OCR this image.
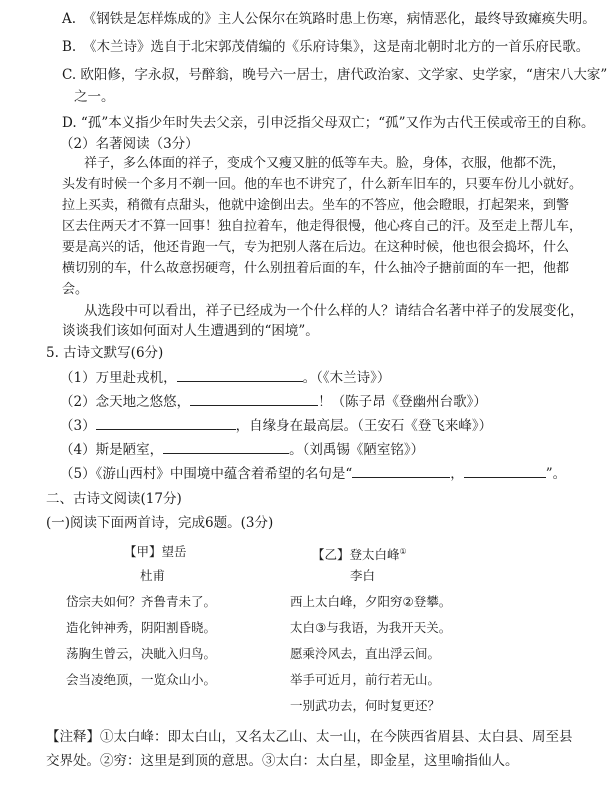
A.　《钢铁是怎样炼成的》主人公保尔在筑路时患上伤寒，病情恶化，最终导致瘫痪失明。
B.　《木兰诗》选自于北宋郭茂倩编的《乐府诗集》，这是南北朝时北方的一首乐府民歌。
C. 欧阳修，字永叔，号醉翁，晚号六一居士，唐代政治家、文学家、史学家，“唐宋八大家”
之一。
D. “孤”本义指少年时失去父亲，引申泛指父母双亡；“孤”又作为古代王侯或帝王的自称。
（2）名著阅读（3分）
祥子，多么体面的祥子，变成个又瘦又脏的低等车夫。脸，身体，衣服，他都不洗，
头发有时候一个多月不剃一回。他的车也不讲究了，什么新车旧车的，只要车份儿小就好。
拉上买卖，稍微有点甜头，他就中途倒出去。坐车的不答应，他会瞪眼，打起架来，到警
区去住两天才不算一回事！独自拉着车，他走得很慢，他心疼自己的汗。及至走上帮儿车，
要是高兴的话，他还肯跑一气，专为把别人落在后边。在这种时候，他也很会捣坏，什么
横切别的车，什么故意拐硬弯，什么别扭着后面的车，什么抽冷子搪前面的车一把，他都
会。
从选段中可以看出，祥子已经成为一个什么样的人？请结合名著中祥子的发展变化，
谈谈我们该如何面对人生遭遇到的“困境”。
5. 古诗文默写(6分)
（1）万里赴戎机，	。（《木兰诗》）
（2）念天地之悠悠，	！（陈子昂《登幽州台歌》）
（3）	，自缘身在最高层。（王安石《登飞来峰》）
（4）斯是陋室，	。（刘禹锡《陋室铭》）
（5）《游山西村》中围境中蕴含着希望的名句是“	，	”。
二、古诗文阅读(17分)
(一)阅读下面两首诗，完成6题。(3分)
【甲】望岳
杜甫
岱宗夫如何？齐鲁青未了。
造化钟神秀，阴阳割昏晓。
荡胸生曾云，决眦入归鸟。
会当凌绝顶，一览众山小。
【乙】登太白峰①
李白
西上太白峰，夕阳穷②登攀。
太白③与我语，为我开天关。
愿乘泠风去，直出浮云间。
举手可近月，前行若无山。
一别武功去，何时复更还？
【注释】①太白峰：即太白山，又名太乙山、太一山，在今陕西省眉县、太白县、周至县
交界处。②穷：这里是到顶的意思。③太白：太白星，即金星，这里喻指仙人。
